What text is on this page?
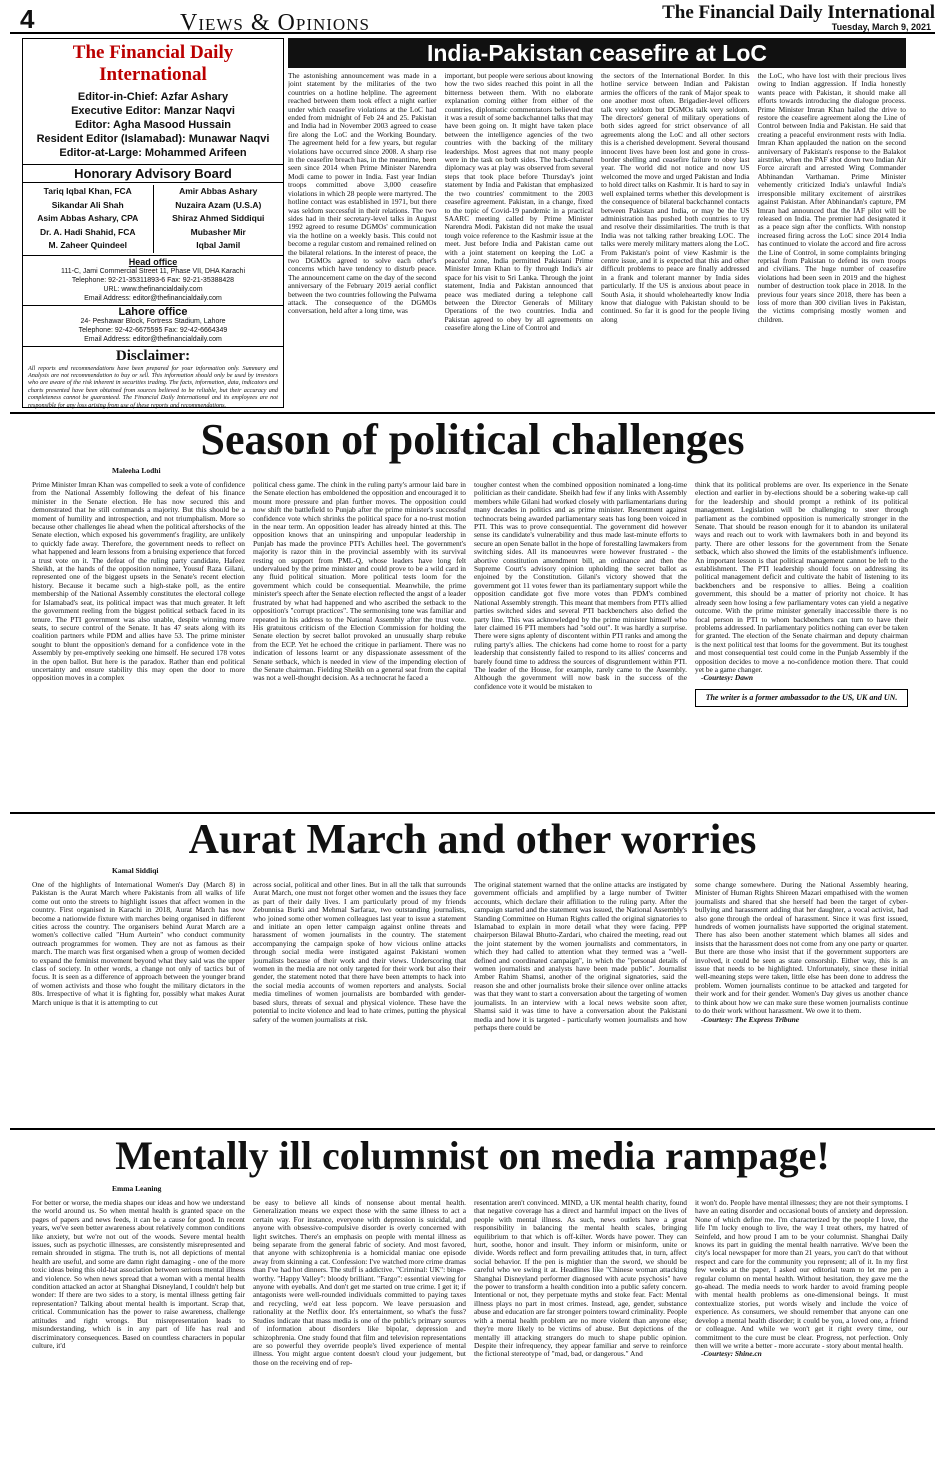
4	Views & Opinions	The Financial Daily International
Tuesday, March 9, 2021
The Financial Daily International
Editor-in-Chief: Azfar Ashary
Executive Editor: Manzar Naqvi
Editor: Agha Masood Hussain
Resident Editor (Islamabad): Munawar Naqvi
Editor-at-Large: Mohammed Arifeen
Honorary Advisory Board
Tariq Iqbal Khan, FCA
Sikandar Ali Shah
Asim Abbas Ashary, CPA
Dr. A. Hadi Shahid, FCA
M. Zaheer Quindeel
Amir Abbas Ashary
Nuzaira Azam (U.S.A)
Shiraz Ahmed Siddiqui
Mubasher Mir
Iqbal Jamil
Head office
111-C, Jami Commercial Street 11, Phase VII, DHA Karachi
Telephone: 92-21-35311893-6 Fax: 92-21-35388428
URL: www.thefinancialdaily.com
Email Address: editor@thefinancialdaily.com
Lahore office
24- Peshawar Block, Fortress Stadium, Lahore
Telephone: 92-42-6675595 Fax: 92-42-6664349
Email Address: editor@thefinancialdaily.com
Disclaimer:
All reports and recommendations have been prepared for your information only. Summary and Analysis are not recommendation to buy or sell. This information should only be used by investors who are aware of the risk inherent in securities trading. The facts, information, data, indicators and charts presented have been obtained from sources believed to be reliable, but their accuracy and completeness cannot be guaranteed. The Financial Daily International and its employees are not responsible for any loss arising from use of these reports and recommendations.
India-Pakistan ceasefire at LoC

The astonishing announcement was made in a joint statement by the militaries of the two countries on a hotline helpline. The agreement reached between them took effect a night earlier under which ceasefire violations at the LoC had ended from midnight of Feb 24 and 25. Pakistan and India had in November 2003 agreed to cease fire along the LoC and the Working Boundary. The agreement held for a few years, but regular violations have occurred since 2008. A sharp rise in the ceasefire breach has, in the meantime, been seen since 2014 when Prime Minister Narendra Modi came to power in India. Fast year Indian troops committed above 3,000 ceasefire violations in which 28 people were martyred. The hotline contact was established in 1971, but there was seldom successful in their relations. The two sides had in their secretary-level talks in August 1992 agreed to resume DGMOs' communication via the hotline on a weekly basis. This could not become a regular custom and remained relined on the bilateral relations. In the interest of peace, the two DGMOs agreed to solve each other's concerns which have tendency to disturb peace. The announcement came on the day of the second anniversary of the February 2019 aerial conflict between the two countries following the Pulwama attack. The consequence of the DGMOs conversation, held after a long time, was

important, but people were serious about knowing how the two sides reached this point in all the bitterness between them. With no elaborate explanation coming either from either of the countries, diplomatic commentators believed that it was a result of some backchannel talks that may have been going on. It might have taken place between the intelligence agencies of the two countries with the backing of the military leaderships. Most agrees that not many people were in the task on both sides. The back-channel diplomacy was at play was observed from several steps that took place before Thursday's joint statement by India and Pakistan that emphasized the two countries' commitment to the 2003 ceasefire agreement. Pakistan, in a change, fixed to the topic of Covid-19 pandemic in a practical SAARC meeting called by Prime Minister Narendra Modi. Pakistan did not make the usual tough voice reference to the Kashmir issue at the meet. Just before India and Pakistan came out with a joint statement on keeping the LoC a peaceful zone, India permitted Pakistani Prime Minister Imran Khan to fly through India's air space for his visit to Sri Lanka. Through the joint statement, India and Pakistan announced that peace was mediated during a telephone call between the Director Generals of Military Operations of the two countries. India and Pakistan agreed to obey by all agreements on ceasefire along the Line of Control and

the sectors of the International Border. In this hotline service between Indian and Pakistan armies the officers of the rank of Major speak to one another most often. Brigadier-level officers talk very seldom but DGMOs talk very seldom. The directors' general of military operations of both sides agreed for strict observance of all agreements along the LoC and all other sectors this is a cherished development. Several thousand innocent lives have been lost and gone in cross-border shelling and ceasefire failure to obey last year. The world did not notice and now US welcomed the move and urged Pakistan and India to hold direct talks on Kashmir. It is hard to say in well explained terms whether this development is the consequence of bilateral backchannel contacts between Pakistan and India, or may be the US administration has pushed both countries to try and resolve their dissimilarities. The truth is that India was not talking rather breaking LOC. The talks were merely military matters along the LoC. From Pakistan's point of view Kashmir is the centre issue, and it is expected that this and other difficult problems to peace are finally addressed in a frank and tolerant manner by India sides particularly. If the US is anxious about peace in South Asia, it should wholeheartedly know India know that dialogue with Pakistan should to be continued. So far it is good for the people living along

the LoC, who have lost with their precious lives owing to Indian aggression. If India honestly wants peace with Pakistan, it should make all efforts towards introducing the dialogue process. Prime Minister Imran Khan hailed the drive to restore the ceasefire agreement along the Line of Control between India and Pakistan. He said that creating a peaceful environment rests with India. Imran Khan applauded the nation on the second anniversary of Pakistan's response to the Balakot airstrike, when the PAF shot down two Indian Air Force aircraft and arrested Wing Commander Abhinandan Varthaman. Prime Minister vehemently criticized India's unlawful India's irresponsible military excitement of airstrikes against Pakistan. After Abhinandan's capture, PM Imran had announced that the IAF pilot will be released on India. The premier had designated it as a peace sign after the conflicts. With nonstop increased firing across the LoC since 2014 India has continued to violate the accord and fire across the Line of Control, in some complaints bringing reprisal from Pakistan to defend its own troops and civilians. The huge number of ceasefire violations had been seen in 2019 and the highest number of destruction took place in 2018. In the previous four years since 2018, there has been a loss of more than 300 civilian lives in Pakistan, the victims comprising mostly women and children.

Season of political challenges
Maleeha Lodhi

Prime Minister Imran Khan was compelled to seek a vote of confidence from the National Assembly following the defeat of his finance minister in the Senate election. He has now secured this and demonstrated that he still commands a majority. But this should be a moment of humility and introspection, and not triumphalism. More so because other challenges lie ahead when the political aftershocks of the Senate election, which exposed his government's fragility, are unlikely to quickly fade away. Therefore, the government needs to reflect on what happened and learn lessons from a bruising experience that forced a trust vote on it. The defeat of the ruling party candidate, Hafeez Sheikh, at the hands of the opposition nominee, Yousuf Raza Gilani, represented one of the biggest upsets in the Senate's recent election history. Because it became such a high-stake poll, as the entire membership of the National Assembly constitutes the electoral college for Islamabad's seat, its political impact was that much greater. It left the government reeling from the biggest political setback faced in its tenure. The PTI government was also unable, despite winning more seats, to secure control of the Senate. It has 47 seats along with its coalition partners while PDM and allies have 53. The prime minister sought to blunt the opposition's demand for a confidence vote in the Assembly by pre-emptively seeking one himself. He secured 178 votes in the open ballot. But here is the paradox. Rather than end political uncertainty and ensure stability this may open the door to more opposition moves in a complex

political chess game. The chink in the ruling party's armour laid bare in the Senate election has emboldened the opposition and encouraged it to mount more pressure and plan further moves. The opposition could now shift the battlefield to Punjab after the prime minister's successful confidence vote which shrinks the political space for a no-trust motion in the near term. An opposition leader has already hinted at this. The opposition knows that an uninspiring and unpopular leadership in Punjab has made the province PTI's Achilles heel. The government's majority is razor thin in the provincial assembly with its survival resting on support from PML-Q, whose leaders have long felt undervalued by the prime minister and could prove to be a wild card in any fluid political situation. More political tests loom for the government which could be consequential. Meanwhile, the prime minister's speech after the Senate election reflected the angst of a leader frustrated by what had happened and who ascribed the setback to the opposition's "corrupt practices". The sermonising tone was familiar and repeated in his address to the National Assembly after the trust vote. His gratuitous criticism of the Election Commission for holding the Senate election by secret ballot provoked an unusually sharp rebuke from the ECP. Yet he echoed the critique in parliament. There was no indication of lessons learnt or any dispassionate assessment of the Senate setback, which is needed in view of the impending election of the Senate chairman. Fielding Sheikh on a general seat from the capital was not a well-thought decision. As a technocrat he faced a

tougher contest when the combined opposition nominated a long-time politician as their candidate. Sheikh had few if any links with Assembly members while Gilani had worked closely with parliamentarians during many decades in politics and as prime minister. Resentment against technocrats being awarded parliamentary seats has long been voiced in PTI. This was to prove consequential. The government did however sense its candidate's vulnerability and thus made last-minute efforts to secure an open Senate ballot in the hope of forestalling lawmakers from switching sides. All its manoeuvres were however frustrated - the abortive constitution amendment bill, an ordinance and then the Supreme Court's advisory opinion upholding the secret ballot as enjoined by the Constitution. Gilani's victory showed that the government got 11 votes fewer than its parliamentary support while the opposition candidate got five more votes than PDM's combined National Assembly strength. This meant that members from PTI's allied parties switched sides and several PTI backbenchers also defied the party line. This was acknowledged by the prime minister himself who later claimed 16 PTI members had "sold out". It was hardly a surprise. There were signs aplenty of discontent within PTI ranks and among the ruling party's allies. The chickens had come home to roost for a party leadership that consistently failed to respond to its allies' concerns and barely found time to address the sources of disgruntlement within PTI. The leader of the House, for example, rarely came to the Assembly. Although the government will now bask in the success of the confidence vote it would be mistaken to

think that its political problems are over. Its experience in the Senate election and earlier in by-elections should be a sobering wake-up call for the leadership and should prompt a rethink of its political management. Legislation will be challenging to steer through parliament as the combined opposition is numerically stronger in the Senate. That should be reason enough for it to abandon its unilateral ways and reach out to work with lawmakers both in and beyond its party. There are other lessons for the government from the Senate setback, which also showed the limits of the establishment's influence. An important lesson is that political management cannot be left to the establishment. The PTI leadership should focus on addressing its political management deficit and cultivate the habit of listening to its backbenchers and be responsive to allies. Being a coalition government, this should be a matter of priority not choice. It has already seen how losing a few parliamentary votes can yield a negative outcome. With the prime minister generally inaccessible there is no focal person in PTI to whom backbenchers can turn to have their problems addressed. In parliamentary politics nothing can ever be taken for granted. The election of the Senate chairman and deputy chairman is the next political test that looms for the government. But its toughest and most consequential test could come in the Punjab Assembly if the opposition decides to move a no-confidence motion there. That could yet be a game changer.

-Courtesy: Dawn

The writer is a former ambassador to the US, UK and UN.
Aurat March and other worries
Kamal Siddiqi

One of the highlights of International Women's Day (March 8) in Pakistan is the Aurat March where Pakistanis from all walks of life come out onto the streets to highlight issues that affect women in the country. First organised in Karachi in 2018, Aurat March has now become a nationwide fixture with marches being organised in different cities across the country. The organisers behind Aurat March are a women's collective called "Hum Aurtein" who conduct community outreach programmes for women. They are not as famous as their march. The march was first organised when a group of women decided to expand the feminist movement beyond what they said was the upper class of society. In other words, a change not only of tactics but of focus. It is seen as a difference of approach between the younger brand of women activists and those who fought the military dictators in the 80s. Irrespective of what it is fighting for, possibly what makes Aurat March unique is that it is attempting to cut

across social, political and other lines. But in all the talk that surrounds Aurat March, one must not forget other women and the issues they face as part of their daily lives. I am particularly proud of my friends Zebunnisa Burki and Mehmal Sarfaraz, two outstanding journalists, who joined some other women colleagues last year to issue a statement and initiate an open letter campaign against online threats and harassment of women journalists in the country. The statement accompanying the campaign spoke of how vicious online attacks through social media were instigated against Pakistani women journalists because of their work and their views. Underscoring that women in the media are not only targeted for their work but also their gender, the statement noted that there have been attempts to hack into the social media accounts of women reporters and analysts. Social media timelines of women journalists are bombarded with gender-based slurs, threats of sexual and physical violence. These have the potential to incite violence and lead to hate crimes, putting the physical safety of the women journalists at risk.

The original statement warned that the online attacks are instigated by government officials and amplified by a large number of Twitter accounts, which declare their affiliation to the ruling party. After the campaign started and the statement was issued, the National Assembly's Standing Committee on Human Rights called the original signatories to Islamabad to explain in more detail what they were facing. PPP chairperson Bilawal Bhutto-Zardari, who chaired the meeting, read out the joint statement by the women journalists and commentators, in which they had called to attention what they termed was a "well-defined and coordinated campaign", in which the "personal details of women journalists and analysts have been made public". Journalist Amber Rahim Shamsi, another of the original signatories, said the reason she and other journalists broke their silence over online attacks was that they want to start a conversation about the targeting of women journalists. In an interview with a local news website soon after, Shamsi said it was time to have a conversation about the Pakistani media and how it is targeted - particularly women journalists and how perhaps there could be

some change somewhere. During the National Assembly hearing, Minister of Human Rights Shireen Mazari empathised with the women journalists and shared that she herself had been the target of cyber-bullying and harassment adding that her daughter, a vocal activist, had also gone through the ordeal of harassment. Since it was first issued, hundreds of women journalists have supported the original statement. There has also been another statement which blames all sides and insists that the harassment does not come from any one party or quarter. But there are those who insist that if the government supporters are involved, it could be seen as state censorship. Either way, this is an issue that needs to be highlighted. Unfortunately, since these initial well-meaning steps were taken, little else has been done to address the problem. Women journalists continue to be attacked and targeted for their work and for their gender. Women's Day gives us another chance to think about how we can make sure these women journalists continue to do their work without harassment. We owe it to them.

-Courtesy: The Express Tribune

Mentally ill columnist on media rampage!
Emma Leaning

For better or worse, the media shapes our ideas and how we understand the world around us. So when mental health is granted space on the pages of papers and news feeds, it can be a cause for good. In recent years, we've seen better awareness about relatively common conditions like anxiety, but we're not out of the woods. Severe mental health issues, such as psychotic illnesses, are consistently misrepresented and remain shrouded in stigma. The truth is, not all depictions of mental health are useful, and some are damn right damaging - one of the more toxic ideas being this old-hat association between serious mental illness and violence. So when news spread that a woman with a mental health condition attacked an actor at Shanghai Disneyland, I couldn't help but wonder: If there are two sides to a story, is mental illness getting fair representation? Talking about mental health is important. Scrap that, critical. Communication has the power to raise awareness, challenge attitudes and right wrongs. But misrepresentation leads to misunderstanding, which is in any part of life has real and discriminatory consequences. Based on countless characters in popular culture, it'd

be easy to believe all kinds of nonsense about mental health. Generalization means we expect those with the same illness to act a certain way. For instance, everyone with depression is suicidal, and anyone with obsessive-compulsive disorder is overly concerned with light switches. There's an emphasis on people with mental illness as being separate from the general fabric of society. And most favored, that anyone with schizophrenia is a homicidal maniac one episode away from skinning a cat. Confession: I've watched more crime dramas than I've had hot dinners. The stuff is addictive. "Criminal: UK": binge-worthy. "Happy Valley": bloody brilliant. "Fargo": essential viewing for anyone with eyeballs. And don't get me started on true crime. I get it; if antagonists were well-rounded individuals committed to paying taxes and recycling, we'd eat less popcorn. We leave persuasion and rationality at the Netflix door. It's entertainment, so what's the fuss? Studies indicate that mass media is one of the public's primary sources of information about disorders like bipolar, depression and schizophrenia. One study found that film and television representations are so powerful they override people's lived experience of mental illness. You might argue content doesn't cloud your judgement, but those on the receiving end of rep-

resentation aren't convinced. MIND, a UK mental health charity, found that negative coverage has a direct and harmful impact on the lives of people with mental illness. As such, news outlets have a great responsibility in balancing the mental health scales, bringing equilibrium to that which is off-kilter. Words have power. They can hurt, soothe, honor and insult. They inform or misinform, unite or divide. Words reflect and form prevailing attitudes that, in turn, affect social behavior. If the pen is mightier than the sword, we should be careful who we swing it at. Headlines like "Chinese woman attacking Shanghai Disneyland performer diagnosed with acute psychosis" have the power to transform a health condition into a public safety concern. Intentional or not, they perpetuate myths and stoke fear. Fact: Mental illness plays no part in most crimes. Instead, age, gender, substance abuse and education are far stronger pointers toward criminality. People with a mental health problem are no more violent than anyone else; they're more likely to be victims of abuse. But depictions of the mentally ill attacking strangers do much to shape public opinion. Despite their infrequency, they appear familiar and serve to reinforce the fictional stereotype of "mad, bad, or dangerous." And

it won't do. People have mental illnesses; they are not their symptoms. I have an eating disorder and occasional bouts of anxiety and depression. None of which define me. I'm characterized by the people I love, the life I'm lucky enough to live, the way I treat others, my hatred of Seinfeld, and how proud I am to be your columnist. Shanghai Daily knows its part in guiding the mental health narrative. We've been the city's local newspaper for more than 21 years, you can't do that without respect and care for the community you represent; all of it. In my first few weeks at the paper, I asked our editorial team to let me pen a regular column on mental health. Without hesitation, they gave me the go-ahead. The media needs to work harder to avoid framing people with mental health problems as one-dimensional beings. It must contextualize stories, put words wisely and include the voice of experience. As consumers, we should remember that anyone can one develop a mental health disorder; it could be you, a loved one, a friend or colleague. And while we won't get it right every time, our commitment to the cure must be clear. Progress, not perfection. Only then will we write a better - more accurate - story about mental health.

-Courtesy: Shine.cn
